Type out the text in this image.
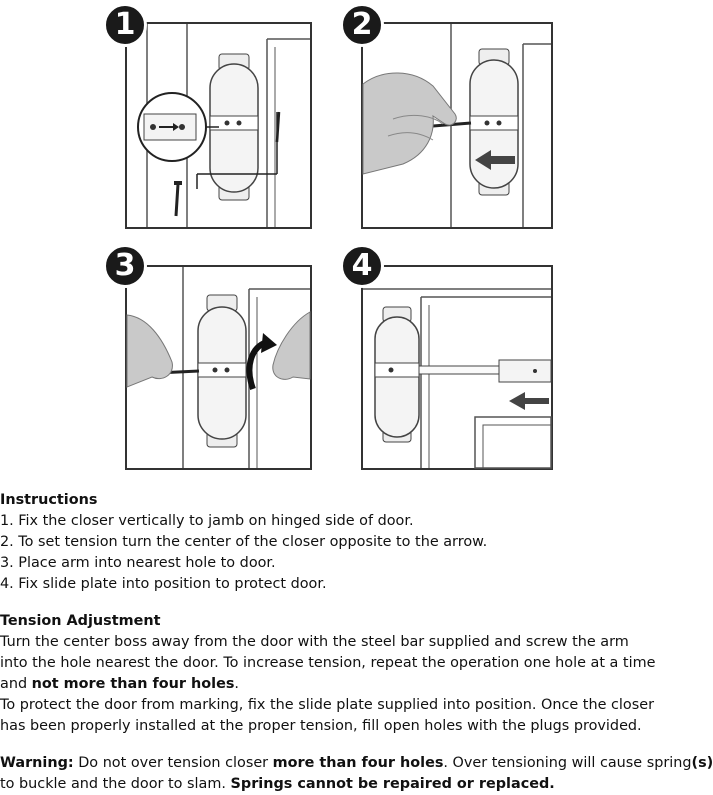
1	2
3	4

Instructions

1. Fix the closer vertically to jamb on hinged side of door.

2. To set tension turn the center of the closer opposite to the arrow.

3. Place arm into nearest hole to door.

4. Fix slide plate into position to protect door.

Tension Adjustment

Turn the center boss away from the door with the steel bar supplied and screw the arm

into the hole nearest the door. To increase tension, repeat the operation one hole at a time

and not more than four holes.

To protect the door from marking, fix the slide plate supplied into position. Once the closer

has been properly installed at the proper tension, fill open holes with the plugs provided.

Warning: Do not over tension closer more than four holes. Over tensioning will cause spring(s)

to buckle and the door to slam. Springs cannot be repaired or replaced.
